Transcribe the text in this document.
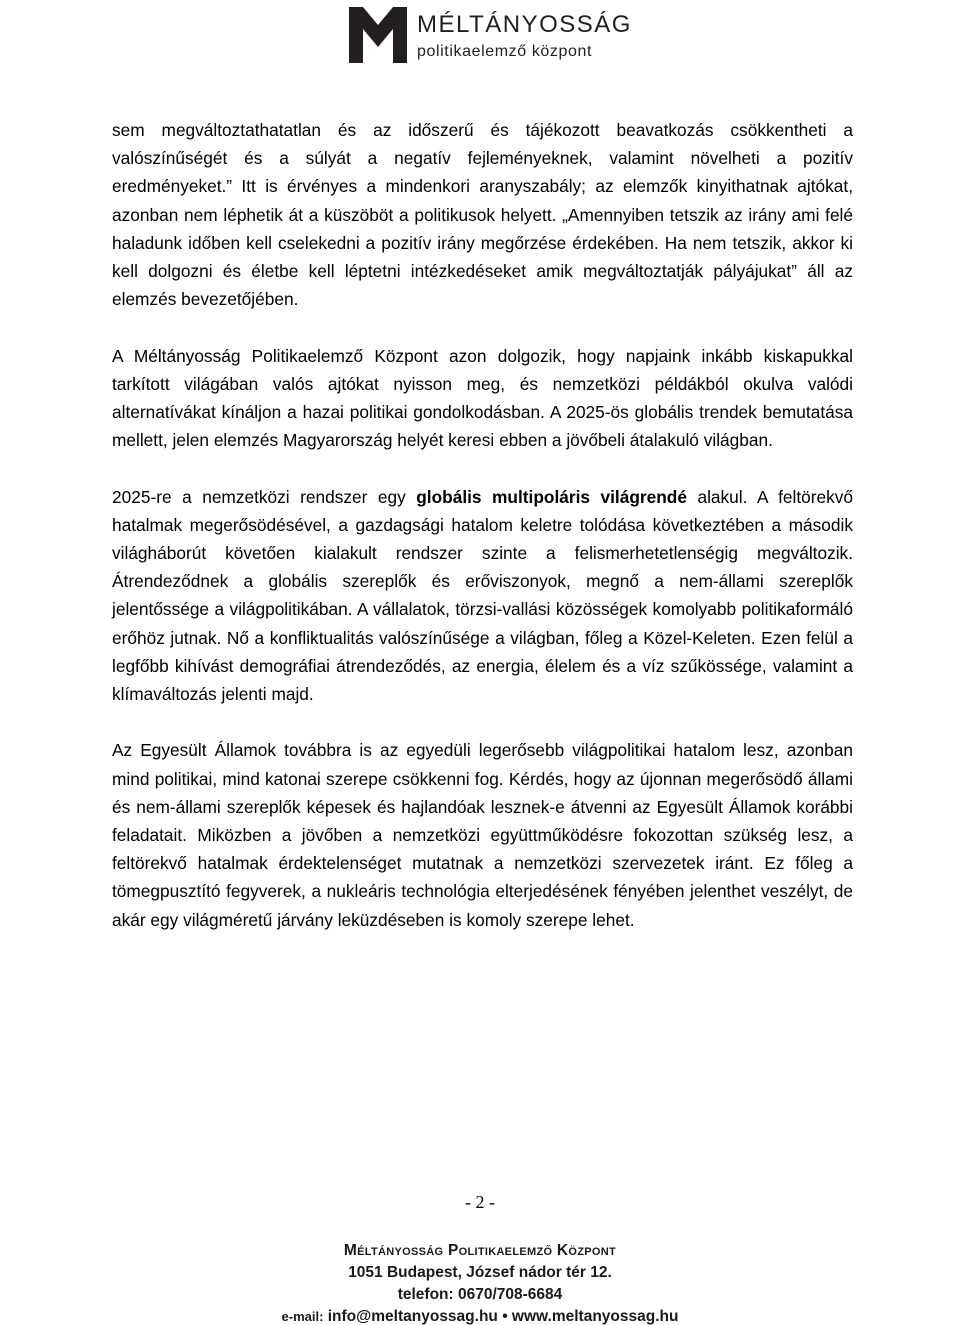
MÉLTÁNYOSSÁG
politikaelemző központ

sem megváltoztathatatlan és az időszerű és tájékozott beavatkozás csökkentheti a valószínűségét és a súlyát a negatív fejleményeknek, valamint növelheti a pozitív eredményeket.” Itt is érvényes a mindenkori aranyszabály; az elemzők kinyithatnak ajtókat, azonban nem léphetik át a küszöböt a politikusok helyett. „Amennyiben tetszik az irány ami felé haladunk időben kell cselekedni a pozitív irány megőrzése érdekében. Ha nem tetszik, akkor ki kell dolgozni és életbe kell léptetni intézkedéseket amik megváltoztatják pályájukat” áll az elemzés bevezetőjében.

A Méltányosság Politikaelemző Központ azon dolgozik, hogy napjaink inkább kiskapukkal tarkított világában valós ajtókat nyisson meg, és nemzetközi példákból okulva valódi alternatívákat kínáljon a hazai politikai gondolkodásban. A 2025-ös globális trendek bemutatása mellett, jelen elemzés Magyarország helyét keresi ebben a jövőbeli átalakuló világban.

2025-re a nemzetközi rendszer egy globális multipoláris világrendé alakul. A feltörekvő hatalmak megerősödésével, a gazdagsági hatalom keletre tolódása következtében a második világháborút követően kialakult rendszer szinte a felismerhetetlenségig megváltozik. Átrendeződnek a globális szereplők és erőviszonyok, megnő a nem-állami szereplők jelentőssége a világpolitikában. A vállalatok, törzsi-vallási közösségek komolyabb politikaformáló erőhöz jutnak. Nő a konfliktualitás valószínűsége a világban, főleg a Közel-Keleten. Ezen felül a legfőbb kihívást demográfiai átrendeződés, az energia, élelem és a víz szűkössége, valamint a klímaváltozás jelenti majd.

Az Egyesült Államok továbbra is az egyedüli legerősebb világpolitikai hatalom lesz, azonban mind politikai, mind katonai szerepe csökkenni fog. Kérdés, hogy az újonnan megerősödő állami és nem-állami szereplők képesek és hajlandóak lesznek-e átvenni az Egyesült Államok korábbi feladatait. Miközben a jövőben a nemzetközi együttműködésre fokozottan szükség lesz, a feltörekvő hatalmak érdektelenséget mutatnak a nemzetközi szervezetek iránt. Ez főleg a tömegpusztító fegyverek, a nukleáris technológia elterjedésének fényében jelenthet veszélyt, de akár egy világméretű járvány leküzdéseben is komoly szerepe lehet.

- 2 -
Méltányosság Politikaelemző Központ
1051 Budapest, József nádor tér 12.
telefon: 0670/708-6684
e-mail: info@meltanyossag.hu • www.meltanyossag.hu
